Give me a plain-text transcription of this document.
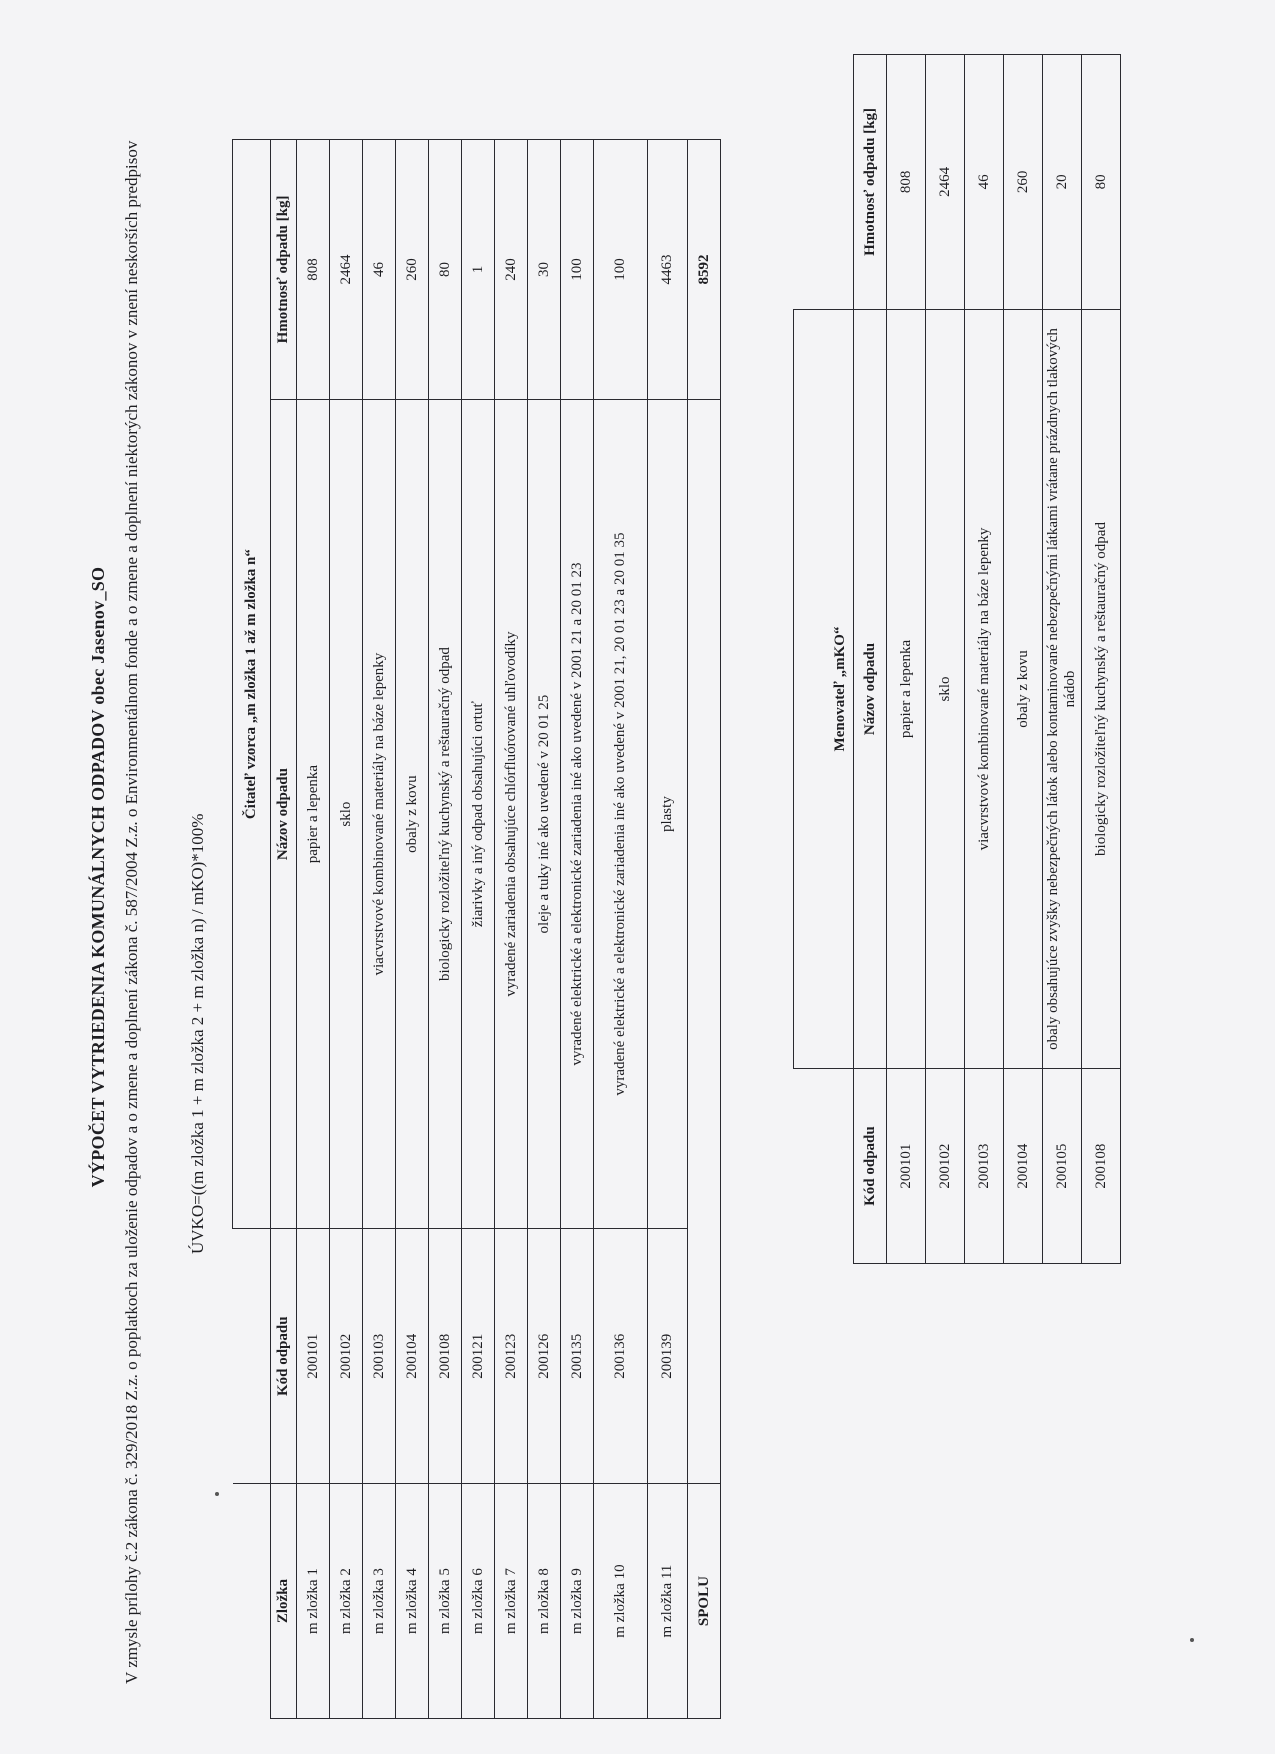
VÝPOČET VYTRIEDENIA KOMUNÁLNYCH ODPADOV obec Jasenov_SO V zmysle prílohy č.2 zákona č. 329/2018 Z.z. o poplatkoch za uloženie odpadov a o zmene a doplnení zákona č. 587/2004 Z.z. o Environmentálnom fonde a o zmene a doplnení niektorých zákonov v znení neskorších predpisov	ÚVKO=((m zložka 1 + m zložka 2 + m zložka n) / mKO)*100%
		Čitateľ vzorca „m zložka 1 až m zložka n“	
Zložka	Kód odpadu	Názov odpadu	Hmotnosť odpadu [kg]
m zložka 1	200101	papier a lepenka	808
m zložka 2	200102	sklo	2464
m zložka 3	200103	viacvrstvové kombinované materiály na báze lepenky	46
m zložka 4	200104	obaly z kovu	260
m zložka 5	200108	biologicky rozložiteľný kuchynský a reštauračný odpad	80
m zložka 6	200121	žiarivky a iný odpad obsahujúci ortuť	1
m zložka 7	200123	vyradené zariadenia obsahujúce chlórfluórované uhľovodíky	240
m zložka 8	200126	oleje a tuky iné ako uvedené v 20 01 25	30
m zložka 9	200135	vyradené elektrické a elektronické zariadenia iné ako uvedené v 2001 21 a 20 01 23	100
m zložka 10	200136	vyradené elektrické a elektronické zariadenia iné ako uvedené v 2001 21, 20 01 23 a 20 01 35	100
m zložka 11	200139	plasty	4463
SPOLU			8592
	Menovateľ „mKO“	
Kód odpadu	Názov odpadu	Hmotnosť odpadu [kg]
200101	papier a lepenka	808
200102	sklo	2464
200103	viacvrstvové kombinované materiály na báze lepenky	46
200104	obaly z kovu	260
200105	obaly obsahujúce zvyšky nebezpečných látok alebo kontaminované nebezpečnými látkami vrátane prázdnych tlakových nádob	20
200108	biologicky rozložiteľný kuchynský a reštauračný odpad	80
